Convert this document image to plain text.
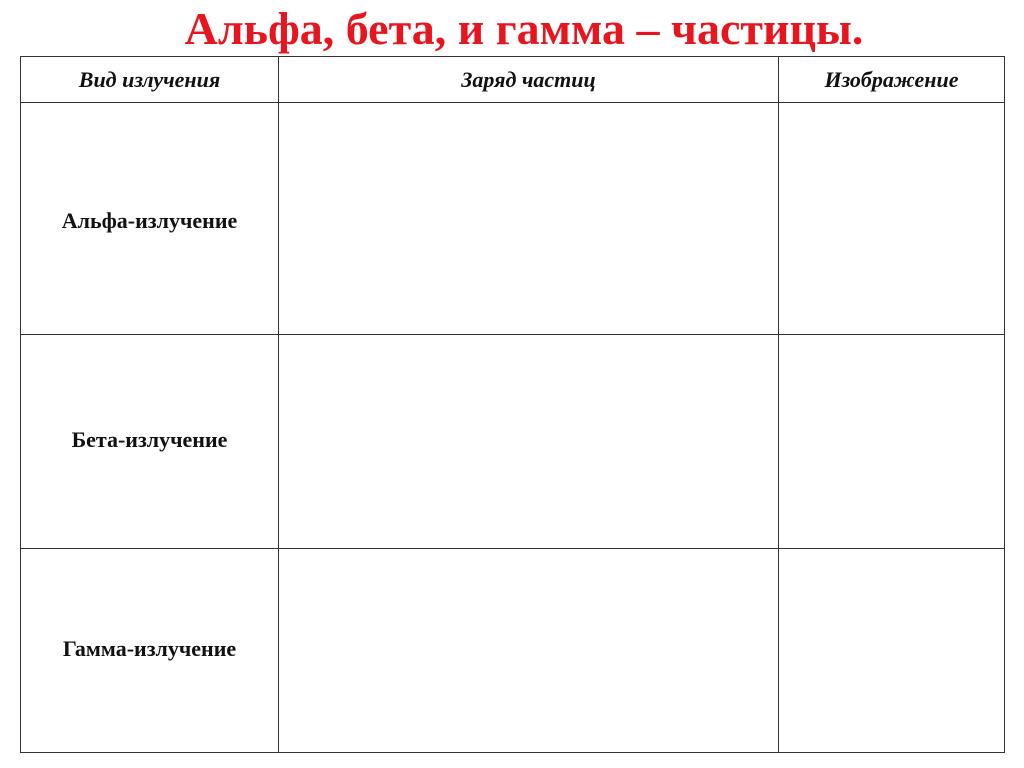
Альфа, бета, и гамма – частицы.
Вид излучения	Заряд частиц	Изображение
Альфа-излучение		
Бета-излучение		
Гамма-излучение		
